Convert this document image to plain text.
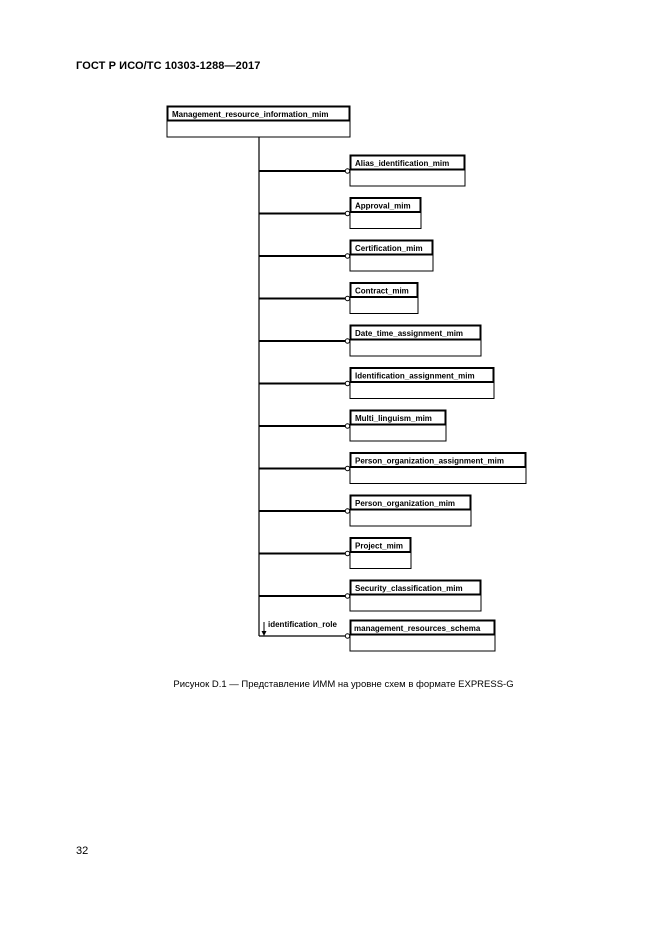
ГОСТ Р ИСО/ТС 10303-1288—2017
Management_resource_information_mim
Alias_identification_mim
Approval_mim
Certification_mim
Contract_mim
Date_time_assignment_mim
Identification_assignment_mim
Multi_linguism_mim
Person_organization_assignment_mim
Person_organization_mim
Project_mim
Security_classification_mim
identification_role management_resources_schema
Рисунок D.1 — Представление ИММ на уровне схем в формате EXPRESS-G
32
